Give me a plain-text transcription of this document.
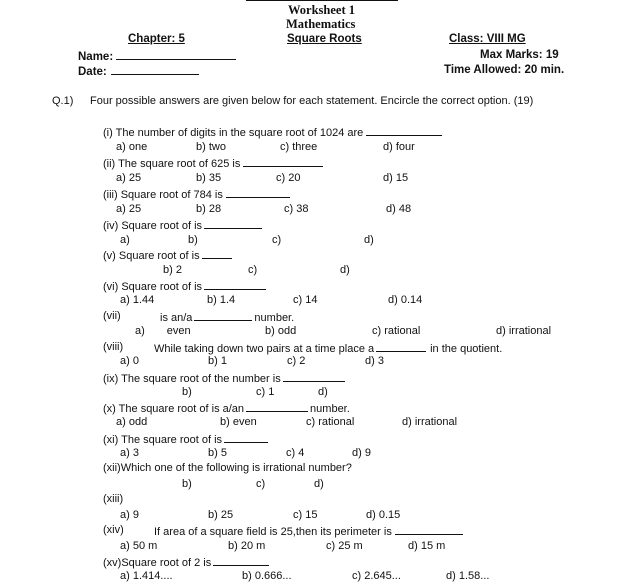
Worksheet 1
Mathematics
Chapter: 5	Square Roots	Class: VIII MG
Name:	Max Marks: 19
Date:	Time Allowed: 20 min.
Q.1) Four possible answers are given below for each statement. Encircle the correct option. (19)
(i) The number of digits in the square root of 1024 are
a) one	b) two	c) three	d) four
(ii) The square root of 625 is
a) 25	b) 35	c) 20	d) 15
(iii) Square root of 784 is
a) 25	b) 28	c) 38	d) 48
(iv) Square root of is
a)	b)	c)	d)
(v) Square root of is
b) 2	c)	d)
(vi) Square root of is
a) 1.44	b) 1.4	c) 14	d) 0.14
(vii)	is an/a	number.
a) even	b) odd	c) rational	d) irrational
(viii)	While taking down two pairs at a time place a	in the quotient.
a) 0	b) 1	c) 2	d) 3
(ix) The square root of the number is
b)	c) 1	d)
(x) The square root of is a/an	number.
a) odd	b) even	c) rational	d) irrational
(xi) The square root of is
a) 3	b) 5	c) 4	d) 9
(xii)Which one of the following is irrational number?
b)	c)	d)
(xiii)
a) 9	b) 25	c) 15	d) 0.15
(xiv)	If area of a square field is 25,then its perimeter is
a) 50 m	b) 20 m	c) 25 m	d) 15 m
(xv)Square root of 2 is
a) 1.414....	b) 0.666...	c) 2.645...	d) 1.58...
